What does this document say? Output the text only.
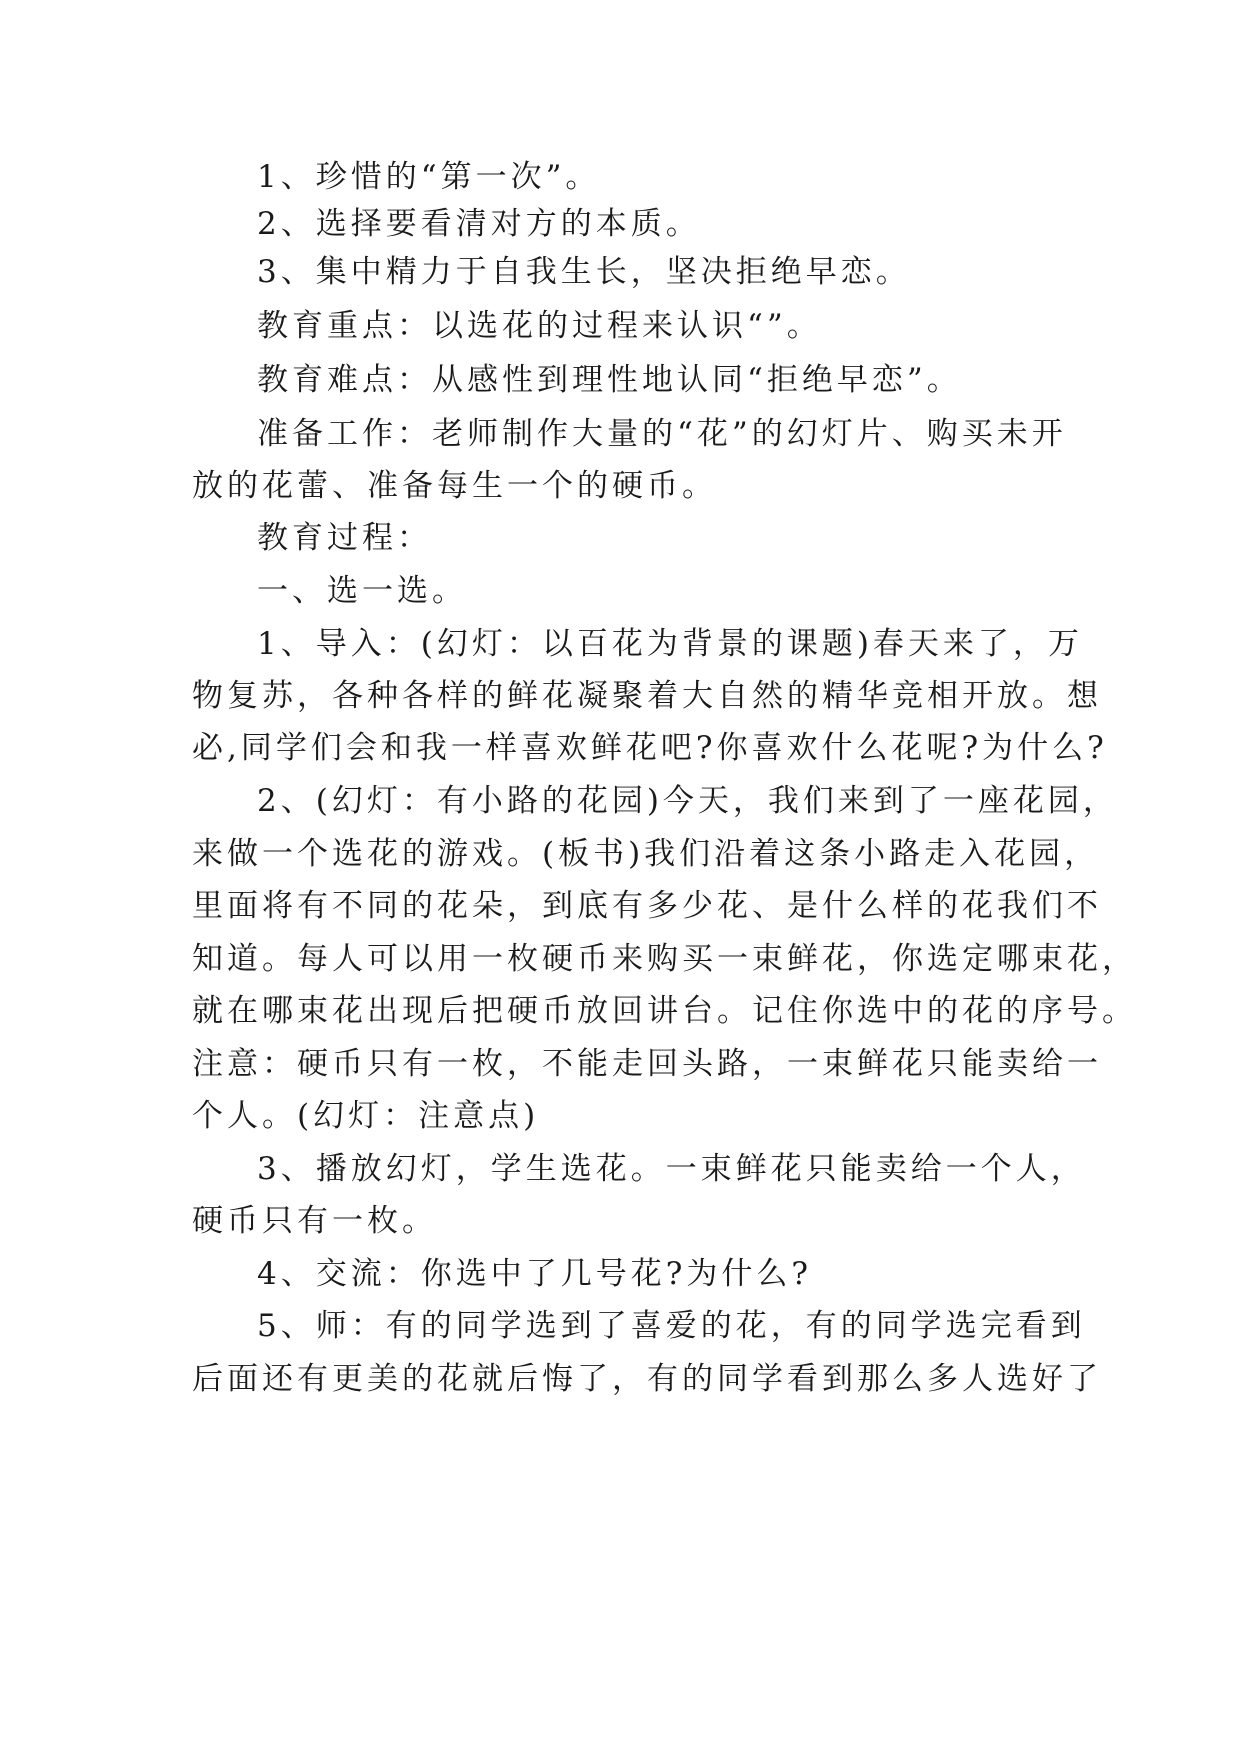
1、珍惜的“第一次”。

2、选择要看清对方的本质。

3、集中精力于自我生长，坚决拒绝早恋。

教育重点：以选花的过程来认识“”。

教育难点：从感性到理性地认同“拒绝早恋”。

准备工作：老师制作大量的“花”的幻灯片、购买未开

放的花蕾、准备每生一个的硬币。

教育过程：

一、选一选。

1、导入：(幻灯：以百花为背景的课题)春天来了，万

物复苏，各种各样的鲜花凝聚着大自然的精华竞相开放。想

必,同学们会和我一样喜欢鲜花吧?你喜欢什么花呢?为什么?

2、(幻灯：有小路的花园)今天，我们来到了一座花园，

来做一个选花的游戏。(板书)我们沿着这条小路走入花园，

里面将有不同的花朵，到底有多少花、是什么样的花我们不

知道。每人可以用一枚硬币来购买一束鲜花，你选定哪束花，

就在哪束花出现后把硬币放回讲台。记住你选中的花的序号。

注意：硬币只有一枚，不能走回头路，一束鲜花只能卖给一

个人。(幻灯：注意点)

3、播放幻灯，学生选花。一束鲜花只能卖给一个人，

硬币只有一枚。

4、交流：你选中了几号花?为什么?

5、师：有的同学选到了喜爱的花，有的同学选完看到

后面还有更美的花就后悔了，有的同学看到那么多人选好了
